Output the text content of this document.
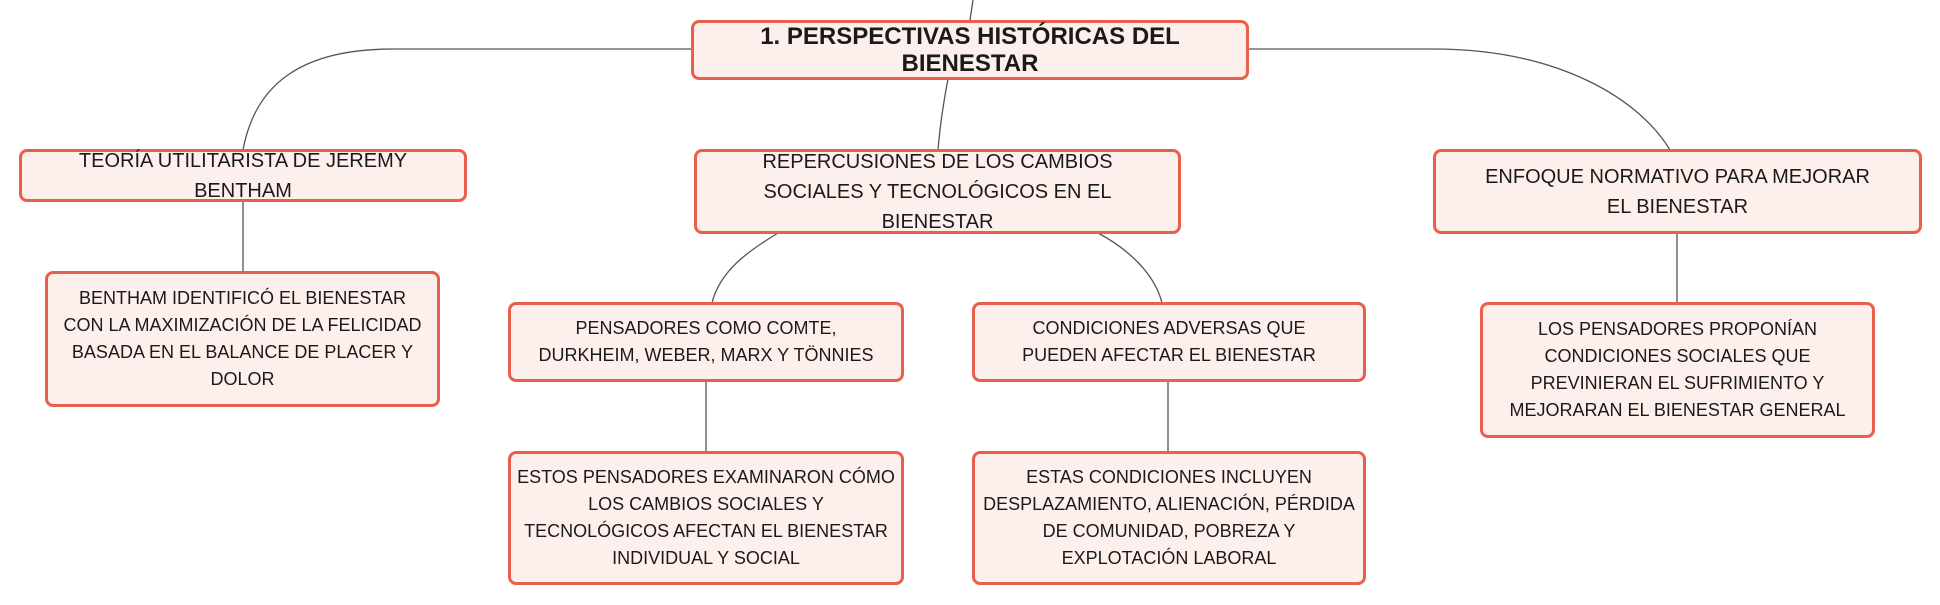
1. PERSPECTIVAS HISTÓRICAS DEL BIENESTAR
TEORÍA UTILITARISTA DE JEREMY BENTHAM
BENTHAM IDENTIFICÓ EL BIENESTAR CON LA MAXIMIZACIÓN DE LA FELICIDAD BASADA EN EL BALANCE DE PLACER Y DOLOR
REPERCUSIONES DE LOS CAMBIOS SOCIALES Y TECNOLÓGICOS EN EL BIENESTAR
PENSADORES COMO COMTE, DURKHEIM, WEBER, MARX Y TÖNNIES
ESTOS PENSADORES EXAMINARON CÓMO LOS CAMBIOS SOCIALES Y TECNOLÓGICOS AFECTAN EL BIENESTAR INDIVIDUAL Y SOCIAL
CONDICIONES ADVERSAS QUE PUEDEN AFECTAR EL BIENESTAR
ESTAS CONDICIONES INCLUYEN DESPLAZAMIENTO, ALIENACIÓN, PÉRDIDA DE COMUNIDAD, POBREZA Y EXPLOTACIÓN LABORAL
ENFOQUE NORMATIVO PARA MEJORAR EL BIENESTAR
LOS PENSADORES PROPONÍAN CONDICIONES SOCIALES QUE PREVINIERAN EL SUFRIMIENTO Y MEJORARAN EL BIENESTAR GENERAL
